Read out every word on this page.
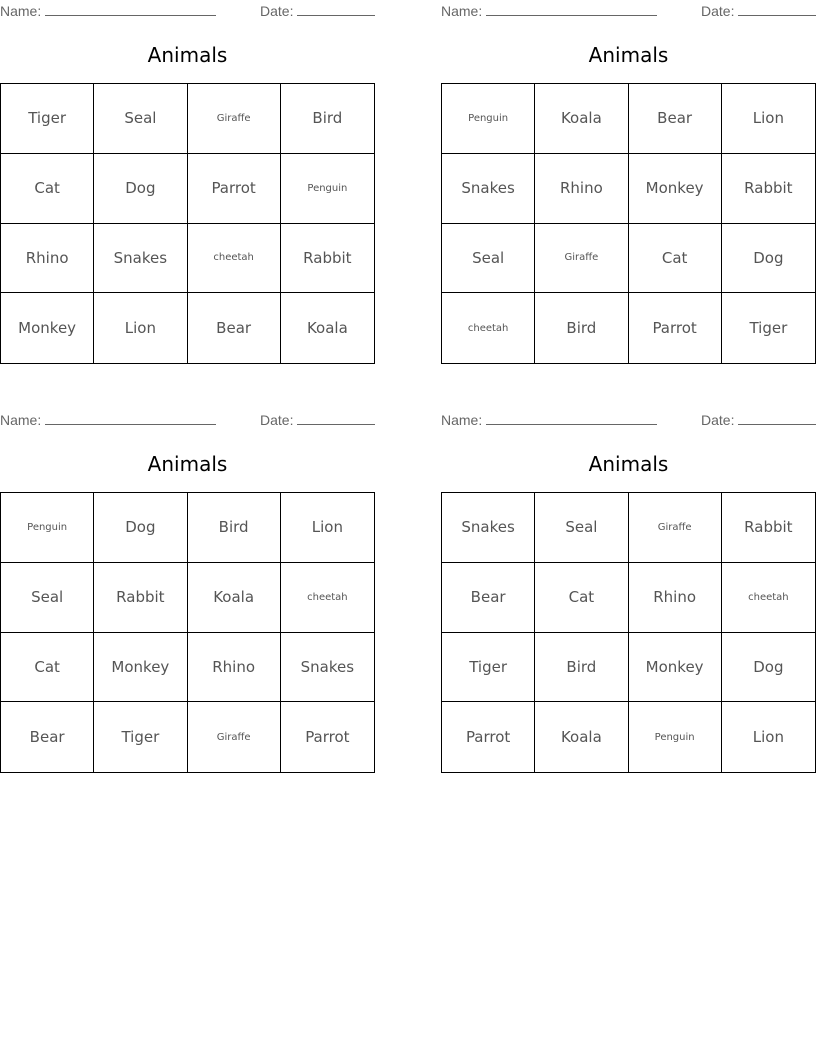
Name:	Date:
Animals
Tiger	Seal	Giraffe	Bird
Cat	Dog	Parrot	Penguin
Rhino	Snakes	cheetah	Rabbit
Monkey	Lion	Bear	Koala
Name:	Date:
Animals
Penguin	Koala	Bear	Lion
Snakes	Rhino	Monkey	Rabbit
Seal	Giraffe	Cat	Dog
cheetah	Bird	Parrot	Tiger
Name:	Date:
Animals
Penguin	Dog	Bird	Lion
Seal	Rabbit	Koala	cheetah
Cat	Monkey	Rhino	Snakes
Bear	Tiger	Giraffe	Parrot
Name:	Date:
Animals
Snakes	Seal	Giraffe	Rabbit
Bear	Cat	Rhino	cheetah
Tiger	Bird	Monkey	Dog
Parrot	Koala	Penguin	Lion
